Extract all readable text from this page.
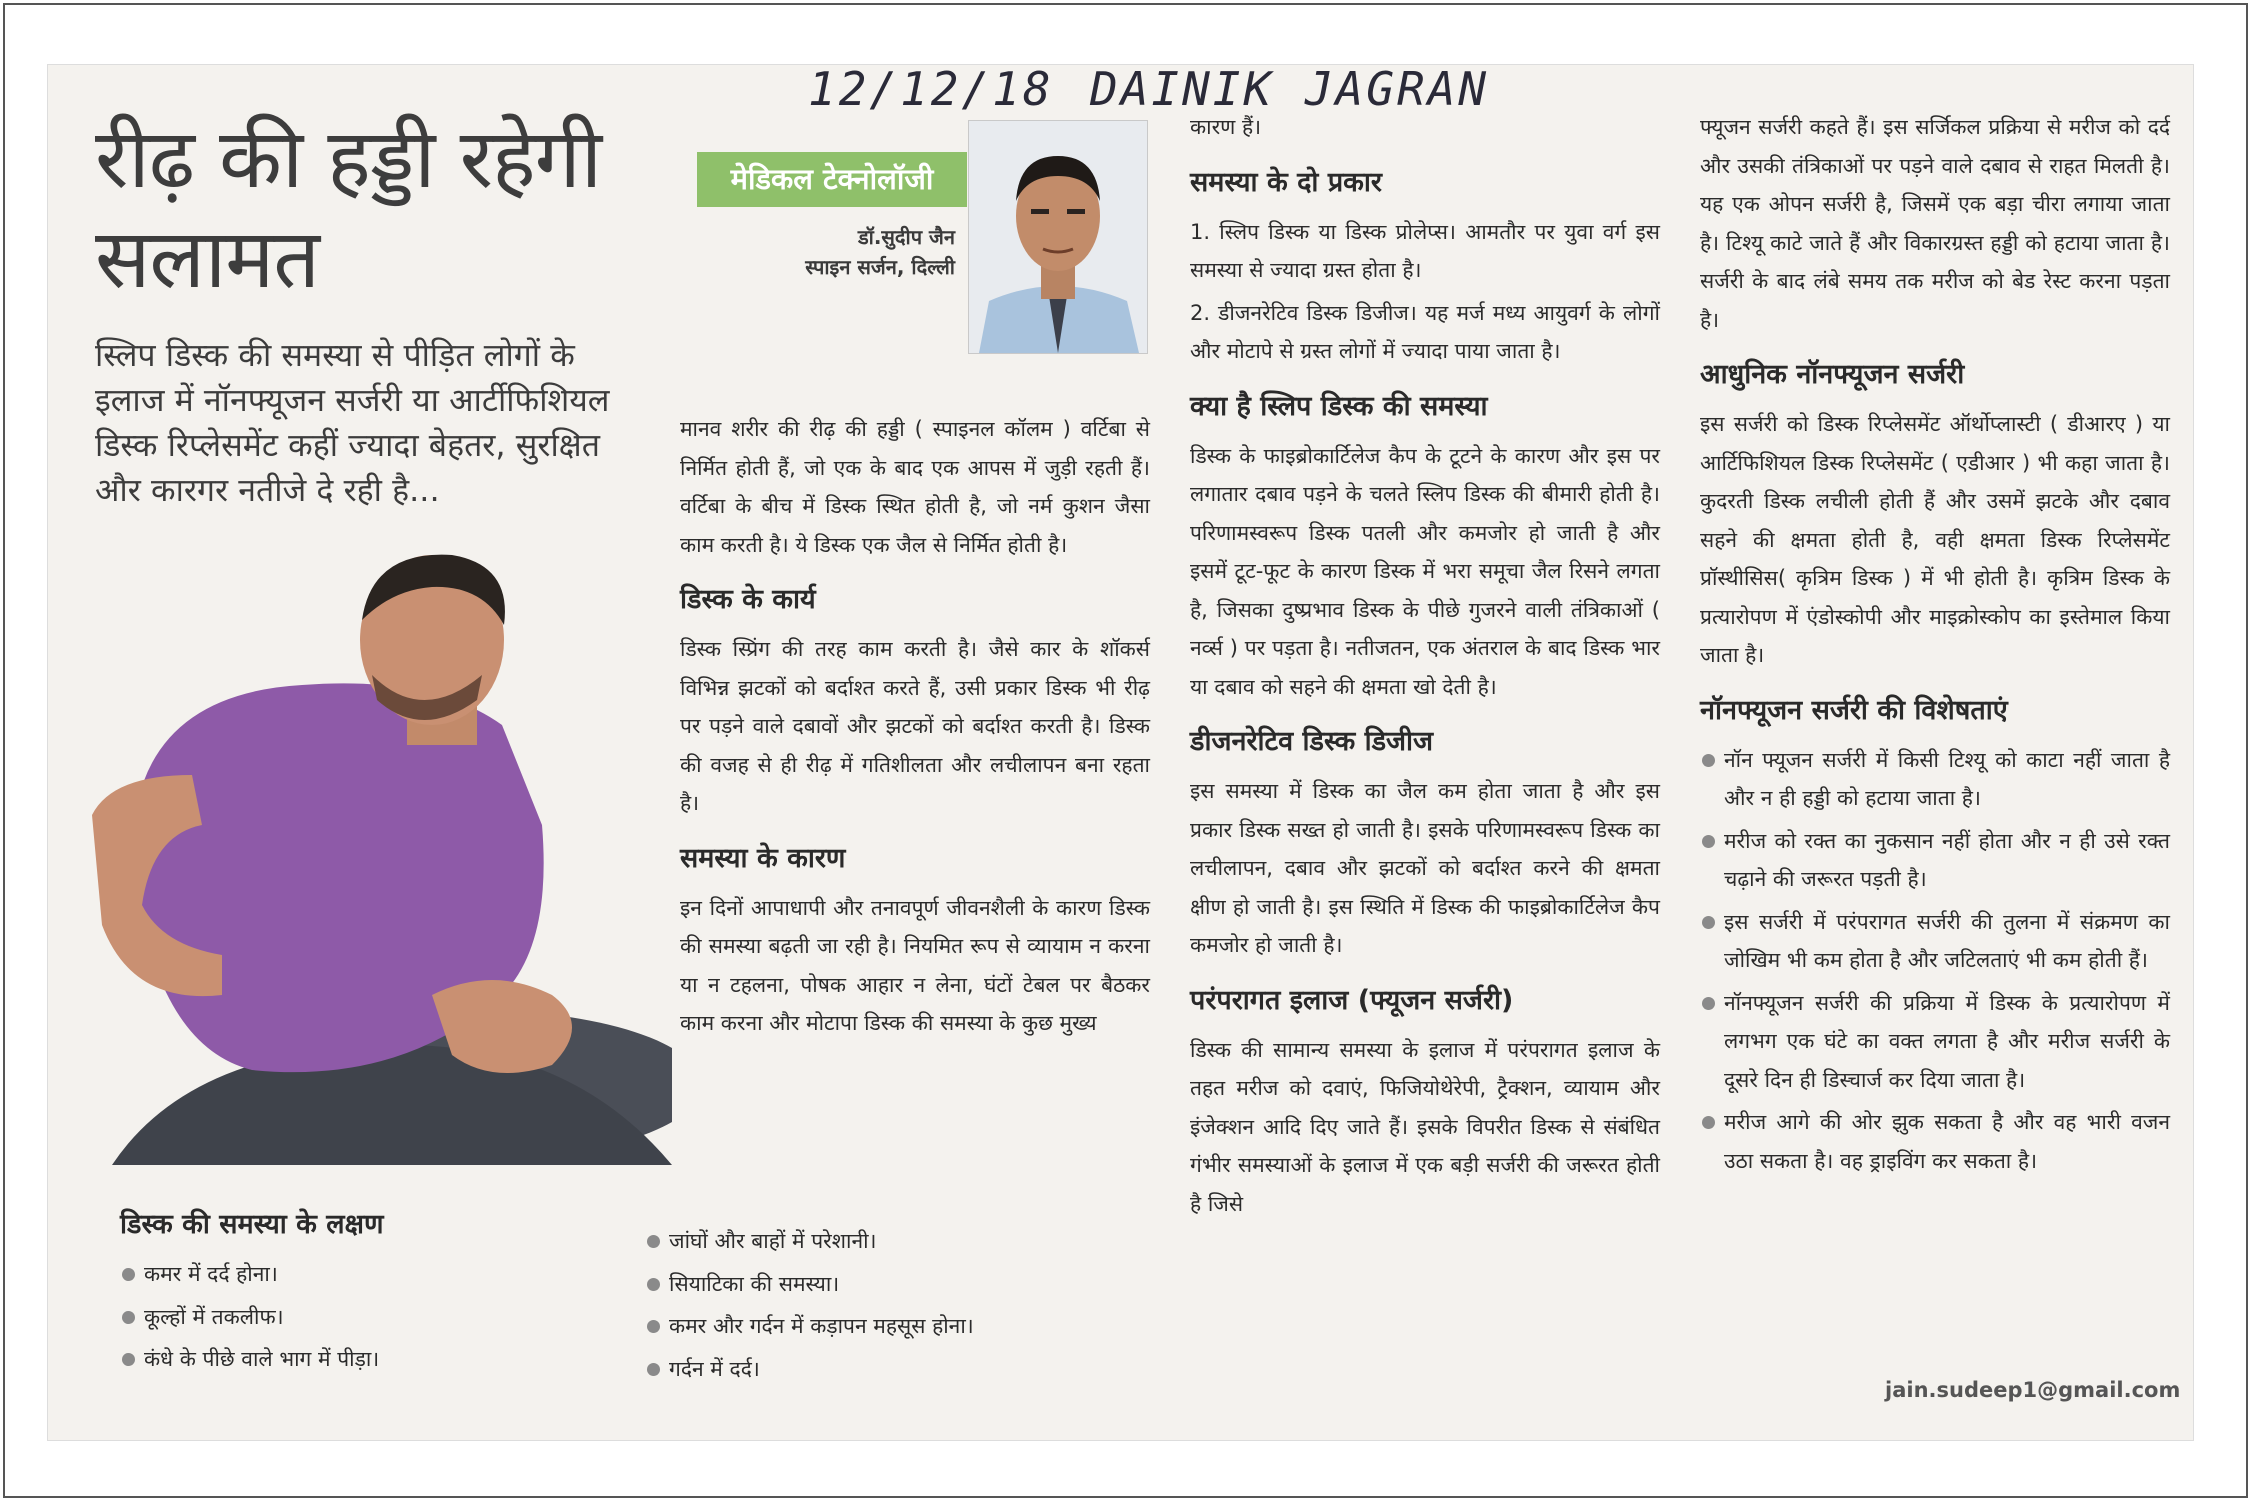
12/12/18 DAINIK JAGRAN
रीढ़ की हड्डी रहेगी सलामत
स्लिप डिस्क की समस्या से पीड़ित लोगों के इलाज में नॉनफ्यूजन सर्जरी या आर्टीफिशियल डिस्क रिप्लेसमेंट कहीं ज्यादा बेहतर, सुरक्षित और कारगर नतीजे दे रही है...
मेडिकल टेक्नोलॉजी
डॉ.सुदीप जैन
स्पाइन सर्जन, दिल्ली

मानव शरीर की रीढ़ की हड्डी ( स्पाइनल कॉलम ) वर्टिबा से निर्मित होती हैं, जो एक के बाद एक आपस में जुड़ी रहती हैं। वर्टिबा के बीच में डिस्क स्थित होती है, जो नर्म कुशन जैसा काम करती है। ये डिस्क एक जैल से निर्मित होती है।

डिस्क के कार्य

डिस्क स्प्रिंग की तरह काम करती है। जैसे कार के शॉकर्स विभिन्न झटकों को बर्दाश्त करते हैं, उसी प्रकार डिस्क भी रीढ़ पर पड़ने वाले दबावों और झटकों को बर्दाश्त करती है। डिस्क की वजह से ही रीढ़ में गतिशीलता और लचीलापन बना रहता है।

समस्या के कारण

इन दिनों आपाधापी और तनावपूर्ण जीवनशैली के कारण डिस्क की समस्या बढ़ती जा रही है। नियमित रूप से व्यायाम न करना या न टहलना, पोषक आहार न लेना, घंटों टेबल पर बैठकर काम करना और मोटापा डिस्क की समस्या के कुछ मुख्य

कारण हैं।

समस्या के दो प्रकार

1. स्लिप डिस्क या डिस्क प्रोलेप्स। आमतौर पर युवा वर्ग इस समस्या से ज्यादा ग्रस्त होता है।

2. डीजनरेटिव डिस्क डिजीज। यह मर्ज मध्य आयुवर्ग के लोगों और मोटापे से ग्रस्त लोगों में ज्यादा पाया जाता है।

क्या है स्लिप डिस्क की समस्या

डिस्क के फाइब्रोकार्टिलेज कैप के टूटने के कारण और इस पर लगातार दबाव पड़ने के चलते स्लिप डिस्क की बीमारी होती है। परिणामस्वरूप डिस्क पतली और कमजोर हो जाती है और इसमें टूट-फूट के कारण डिस्क में भरा समूचा जैल रिसने लगता है, जिसका दुष्प्रभाव डिस्क के पीछे गुजरने वाली तंत्रिकाओं ( नर्व्स ) पर पड़ता है। नतीजतन, एक अंतराल के बाद डिस्क भार या दबाव को सहने की क्षमता खो देती है।

डीजनरेटिव डिस्क डिजीज

इस समस्या में डिस्क का जैल कम होता जाता है और इस प्रकार डिस्क सख्त हो जाती है। इसके परिणामस्वरूप डिस्क का लचीलापन, दबाव और झटकों को बर्दाश्त करने की क्षमता क्षीण हो जाती है। इस स्थिति में डिस्क की फाइब्रोकार्टिलेज कैप कमजोर हो जाती है।

परंपरागत इलाज (फ्यूजन सर्जरी)

डिस्क की सामान्य समस्या के इलाज में परंपरागत इलाज के तहत मरीज को दवाएं, फिजियोथेरेपी, ट्रैक्शन, व्यायाम और इंजेक्शन आदि दिए जाते हैं। इसके विपरीत डिस्क से संबंधित गंभीर समस्याओं के इलाज में एक बड़ी सर्जरी की जरूरत होती है जिसे

फ्यूजन सर्जरी कहते हैं। इस सर्जिकल प्रक्रिया से मरीज को दर्द और उसकी तंत्रिकाओं पर पड़ने वाले दबाव से राहत मिलती है। यह एक ओपन सर्जरी है, जिसमें एक बड़ा चीरा लगाया जाता है। टिश्यू काटे जाते हैं और विकारग्रस्त हड्डी को हटाया जाता है। सर्जरी के बाद लंबे समय तक मरीज को बेड रेस्ट करना पड़ता है।

आधुनिक नॉनफ्यूजन सर्जरी

इस सर्जरी को डिस्क रिप्लेसमेंट ऑर्थोप्लास्टी ( डीआरए ) या आर्टिफिशियल डिस्क रिप्लेसमेंट ( एडीआर ) भी कहा जाता है। कुदरती डिस्क लचीली होती हैं और उसमें झटके और दबाव सहने की क्षमता होती है, वही क्षमता डिस्क रिप्लेसमेंट प्रॉस्थीसिस( कृत्रिम डिस्क ) में भी होती है। कृत्रिम डिस्क के प्रत्यारोपण में एंडोस्कोपी और माइक्रोस्कोप का इस्तेमाल किया जाता है।

नॉनफ्यूजन सर्जरी की विशेषताएं
नॉन फ्यूजन सर्जरी में किसी टिश्यू को काटा नहीं जाता है और न ही हड्डी को हटाया जाता है।
मरीज को रक्त का नुकसान नहीं होता और न ही उसे रक्त चढ़ाने की जरूरत पड़ती है।
इस सर्जरी में परंपरागत सर्जरी की तुलना में संक्रमण का जोखिम भी कम होता है और जटिलताएं भी कम होती हैं।
नॉनफ्यूजन सर्जरी की प्रक्रिया में डिस्क के प्रत्यारोपण में लगभग एक घंटे का वक्त लगता है और मरीज सर्जरी के दूसरे दिन ही डिस्चार्ज कर दिया जाता है।
मरीज आगे की ओर झुक सकता है और वह भारी वजन उठा सकता है। वह ड्राइविंग कर सकता है।
डिस्क की समस्या के लक्षण
कमर में दर्द होना।
कूल्हों में तकलीफ।
कंधे के पीछे वाले भाग में पीड़ा।
जांघों और बाहों में परेशानी।
सियाटिका की समस्या।
कमर और गर्दन में कड़ापन महसूस होना।
गर्दन में दर्द।
jain.sudeep1@gmail.com
